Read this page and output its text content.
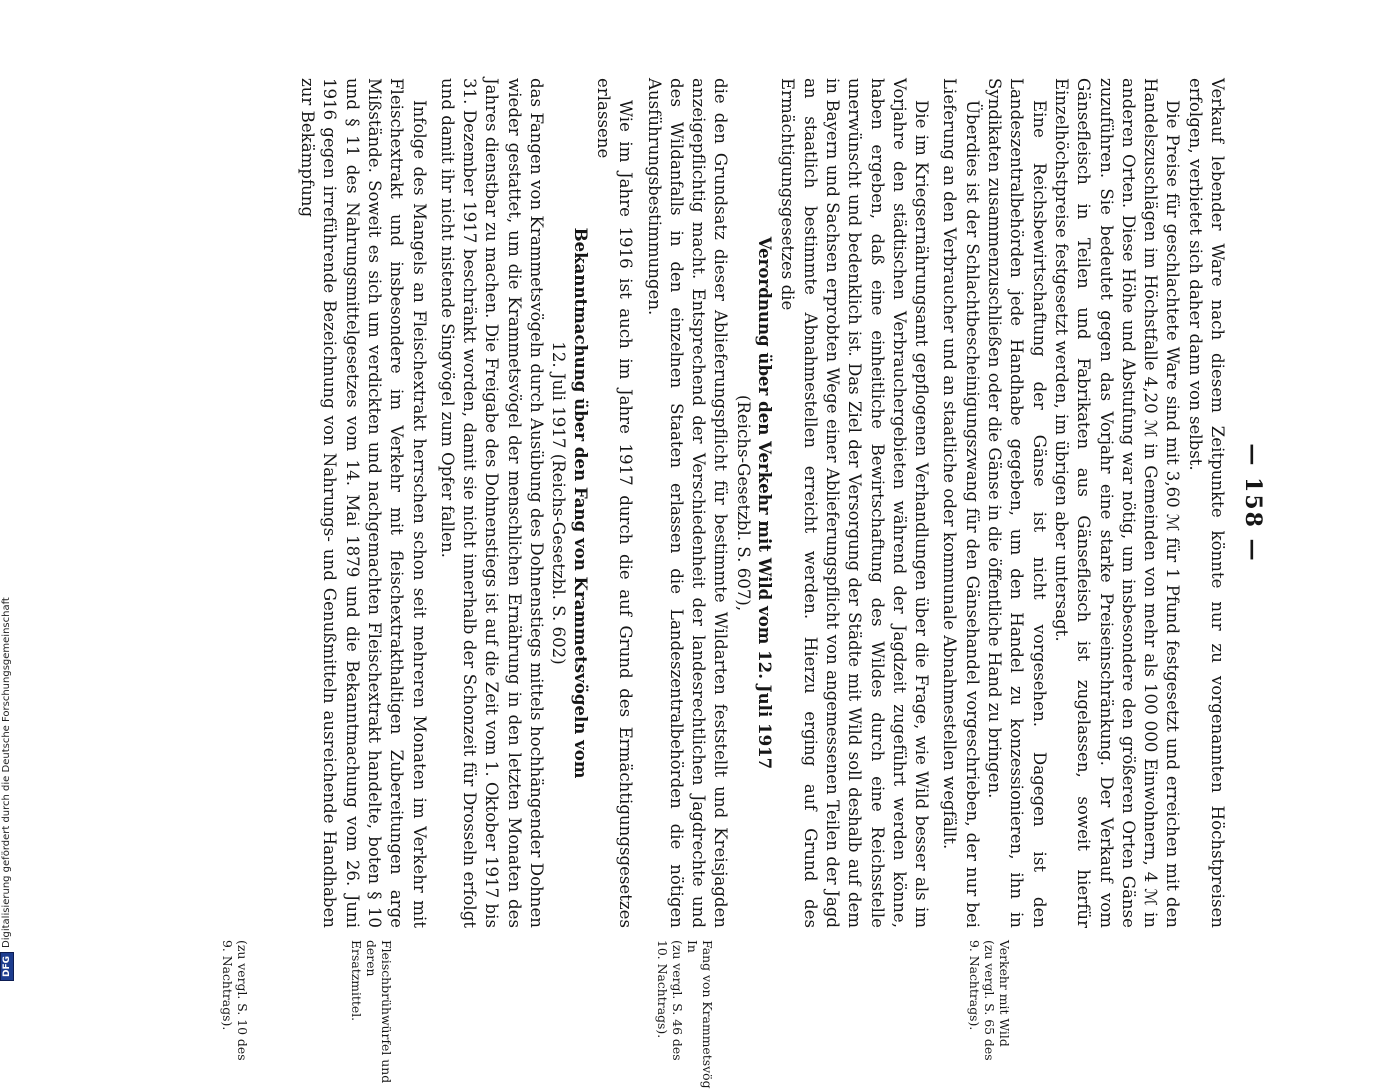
DFG
Digitalisierung gefördert durch die Deutsche Forschungsgemeinschaft
— 158 —

Verkauf lebender Ware nach diesem Zeitpunkte könnte nur zu vorgenannten Höchstpreisen erfolgen, verbietet sich daher dann von selbst.

Die Preise für geschlachtete Ware sind mit 3,60 ℳ für 1 Pfund festgesetzt und erreichen mit den Handelszuschlägen im Höchstfalle 4,20 ℳ in Gemeinden von mehr als 100 000 Einwohnern, 4 ℳ in anderen Orten. Diese Höhe und Abstufung war nötig, um insbesondere den größeren Orten Gänse zuzuführen. Sie bedeutet gegen das Vorjahr eine starke Preiseinschränkung. Der Verkauf vom Gänsefleisch in Teilen und Fabrikaten aus Gänsefleisch ist zugelassen, soweit hierfür Einzelhöchstpreise festgesetzt werden, im übrigen aber untersagt.

Eine Reichsbewirtschaftung der Gänse ist nicht vorgesehen. Dagegen ist den Landeszentralbehörden jede Handhabe gegeben, um den Handel zu konzessionieren, ihn in Syndikaten zusammenzuschließen oder die Gänse in die öffentliche Hand zu bringen.

Überdies ist der Schlachtbescheinigungszwang für den Gänsehandel vorgeschrieben, der nur bei Lieferung an den Verbraucher und an staatliche oder kommunale Abnahmestellen wegfällt.

Die im Kriegsernährungsamt gepflogenen Verhandlungen über die Frage, wie Wild besser als im Vorjahre den städtischen Verbrauchergebieten während der Jagdzeit zugeführt werden könne, haben ergeben, daß eine einheitliche Bewirtschaftung des Wildes durch eine Reichsstelle unerwünscht und bedenklich ist. Das Ziel der Versorgung der Städte mit Wild soll deshalb auf dem in Bayern und Sachsen erprobten Wege einer Ablieferungspflicht von angemessenen Teilen der Jagd an staatlich bestimmte Abnahmestellen erreicht werden. Hierzu erging auf Grund des Ermächtigungsgesetzes die

Verordnung über den Verkehr mit Wild vom 12. Juli 1917

(Reichs-Gesetzbl. S. 607),

die den Grundsatz dieser Ablieferungspflicht für bestimmte Wildarten feststellt und Kreisjagden anzeigepflichtig macht. Entsprechend der Verschiedenheit der landesrechtlichen Jagdrechte und des Wildanfalls in den einzelnen Staaten erlassen die Landeszentralbehörden die nötigen Ausführungsbestimmungen.

Wie im Jahre 1916 ist auch im Jahre 1917 durch die auf Grund des Ermächtigungsgesetzes erlassene

Bekanntmachung über den Fang von Krammetsvögeln vom

12. Juli 1917 (Reichs-Gesetzbl. S. 602)

das Fangen von Krammetsvögeln durch Ausübung des Dohnenstiegs mittels hochhängender Dohnen wieder gestattet, um die Krammetsvögel der menschlichen Ernährung in den letzten Monaten des Jahres dienstbar zu machen. Die Freigabe des Dohnenstiegs ist auf die Zeit vom 1. Oktober 1917 bis 31. Dezember 1917 beschränkt worden, damit sie nicht innerhalb der Schonzeit für Drosseln erfolgt und damit ihr nicht nistende Singvögel zum Opfer fallen.

Infolge des Mangels an Fleischextrakt herrschen schon seit mehreren Monaten im Verkehr mit Fleischextrakt und insbesondere im Verkehr mit fleischextrakthaltigen Zubereitungen arge Mißstände. Soweit es sich um verdickten und nachgemachten Fleischextrakt handelte, boten § 10 und § 11 des Nahrungsmittelgesetzes vom 14. Mai 1879 und die Bekanntmachung vom 26. Juni 1916 gegen irreführende Bezeichnung von Nahrungs- und Genußmitteln ausreichende Handhaben zur Bekämpfung

Verkehr mit Wild
(zu vergl. S. 65 des
9. Nachtrags).
Fang von Krammetsvög In
(zu vergl. S. 46 des
10. Nachtrags).
Fleischbrühwürfel und deren
Ersatzmittel.
(zu vergl. S. 10 des
9. Nachtrags).
